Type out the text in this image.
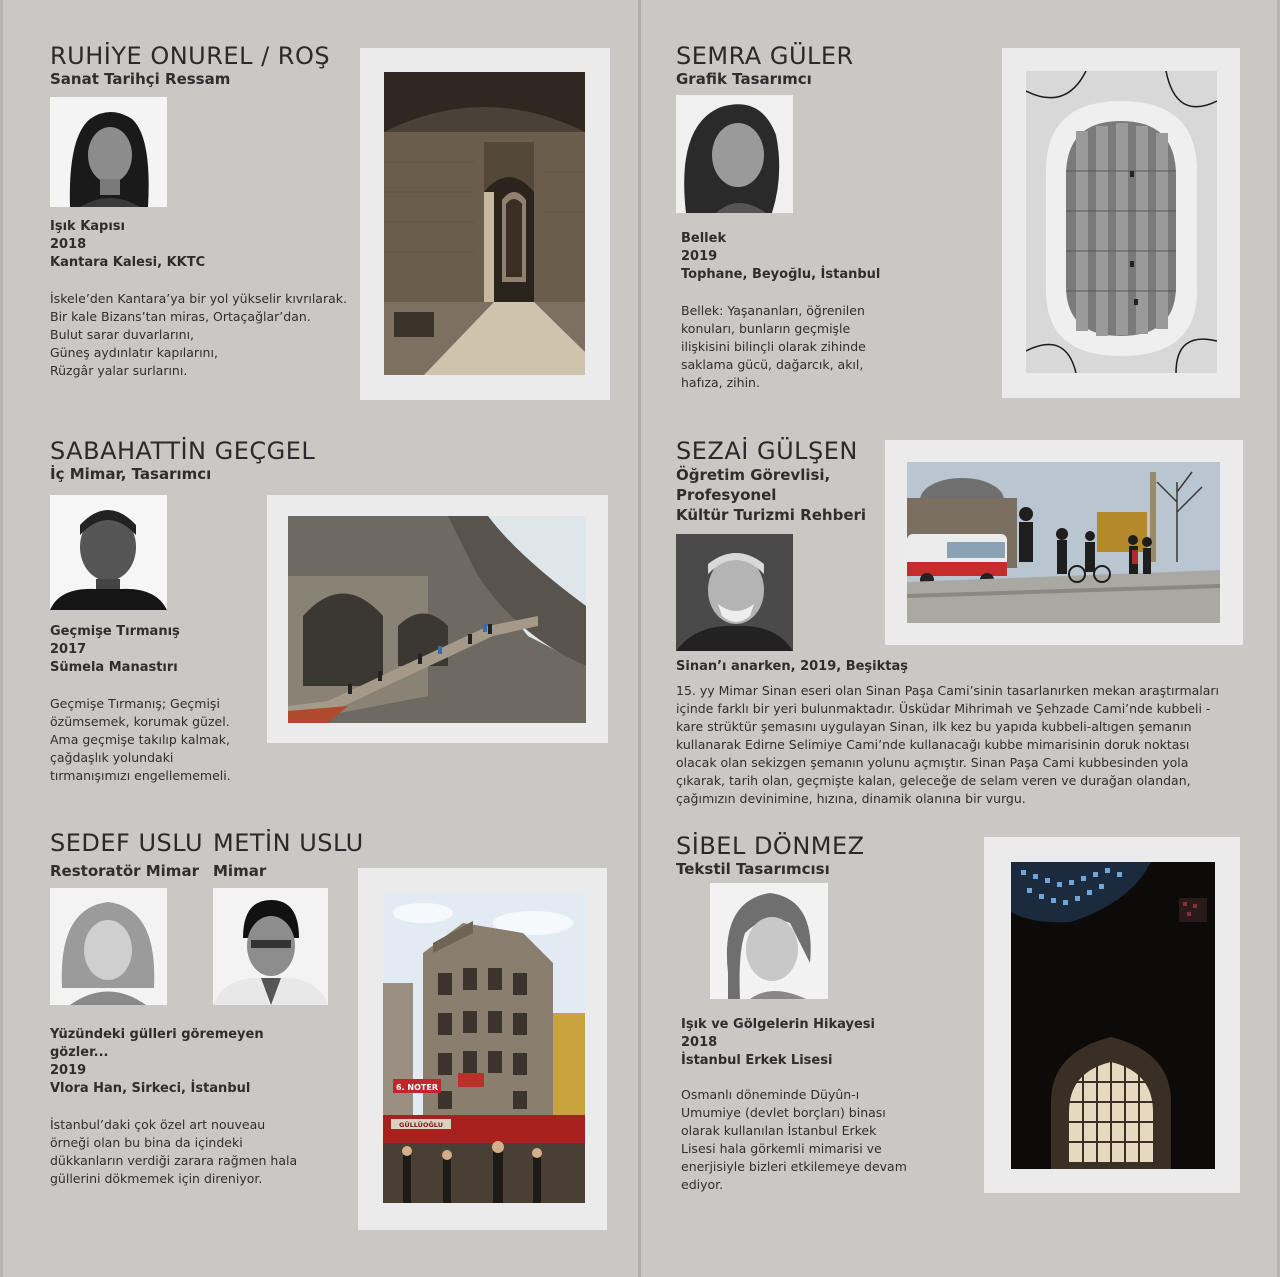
RUHİYE ONUREL / ROŞ
Sanat Tarihçi Ressam
Işık Kapısı
2018
Kantara Kalesi, KKTC
İskele’den Kantara’ya bir yol yükselir kıvrılarak.
Bir kale Bizans’tan miras, Ortaçağlar’dan.
Bulut sarar duvarlarını,
Güneş aydınlatır kapılarını,
Rüzgâr yalar surlarını.
SABAHATTİN GEÇGEL
İç Mimar, Tasarımcı
Geçmişe Tırmanış
2017
Sümela Manastırı
Geçmişe Tırmanış; Geçmişi
özümsemek, korumak güzel.
Ama geçmişe takılıp kalmak,
çağdaşlık yolundaki
tırmanışımızı engellememeli.
SEDEF USLU
Restoratör Mimar
METİN USLU
Mimar
Yüzündeki gülleri göremeyen
gözler...
2019
Vlora Han, Sirkeci, İstanbul
İstanbul’daki çok özel art nouveau
örneği olan bu bina da içindeki
dükkanların verdiği zarara rağmen hala
güllerini dökmemek için direniyor.
6. NOTER
GÜLLÜOĞLU
SEMRA GÜLER
Grafik Tasarımcı
Bellek
2019
Tophane, Beyoğlu, İstanbul
Bellek: Yaşananları, öğrenilen
konuları, bunların geçmişle
ilişkisini bilinçli olarak zihinde
saklama gücü, dağarcık, akıl,
hafıza, zihin.
SEZAİ GÜLŞEN
Öğretim Görevlisi,
Profesyonel
Kültür Turizmi Rehberi
Sinan’ı anarken, 2019, Beşiktaş
15. yy Mimar Sinan eseri olan Sinan Paşa Cami’sinin tasarlanırken mekan araştırmaları
içinde farklı bir yeri bulunmaktadır. Üsküdar Mihrimah ve Şehzade Cami’nde kubbeli -
kare strüktür şemasını uygulayan Sinan, ilk kez bu yapıda kubbeli-altıgen şemanın
kullanarak Edirne Selimiye Cami’nde kullanacağı kubbe mimarisinin doruk noktası
olacak olan sekizgen şemanın yolunu açmıştır. Sinan Paşa Cami kubbesinden yola
çıkarak, tarih olan, geçmişte kalan, geleceğe de selam veren ve durağan olandan,
çağımızın devinimine, hızına, dinamik olanına bir vurgu.
SİBEL DÖNMEZ
Tekstil Tasarımcısı
Işık ve Gölgelerin Hikayesi
2018
İstanbul Erkek Lisesi
Osmanlı döneminde Düyûn-ı
Umumiye (devlet borçları) binası
olarak kullanılan İstanbul Erkek
Lisesi hala görkemli mimarisi ve
enerjisiyle bizleri etkilemeye devam
ediyor.
